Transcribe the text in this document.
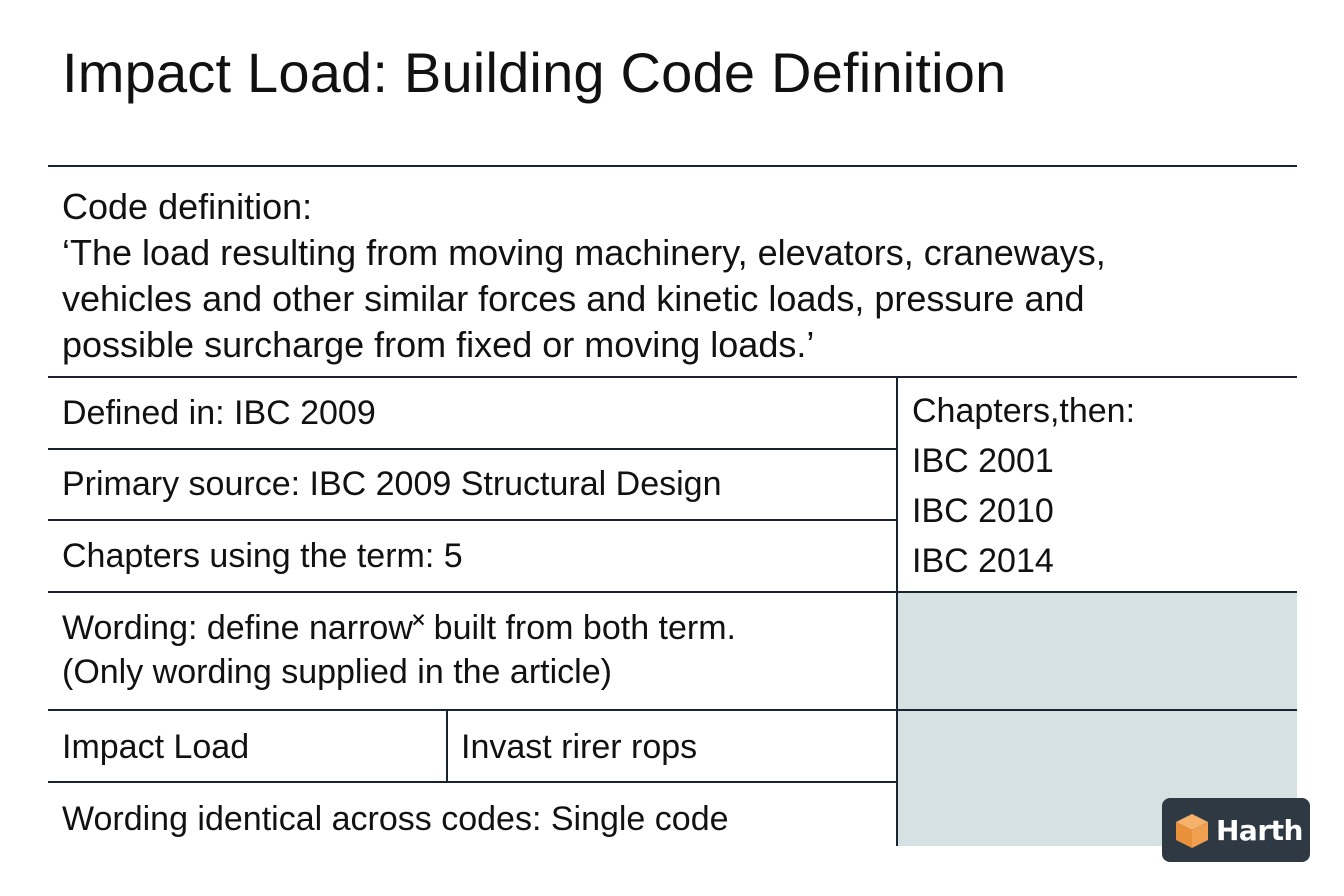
Impact Load: Building Code Definition
Code definition:
‘The load resulting from moving machinery, elevators, craneways,
vehicles and other similar forces and kinetic loads, pressure and
possible surcharge from fixed or moving loads.’
Defined in: IBC 2009
Primary source: IBC 2009 Structural Design
Chapters using the term: 5
Wording: define narrow˟ built from both term.
(Only wording supplied in the article)
Impact Load	Invast rirer rops
Wording identical across codes: Single code
Chapters,then:
IBC 2001
IBC 2010
IBC 2014
Harth
